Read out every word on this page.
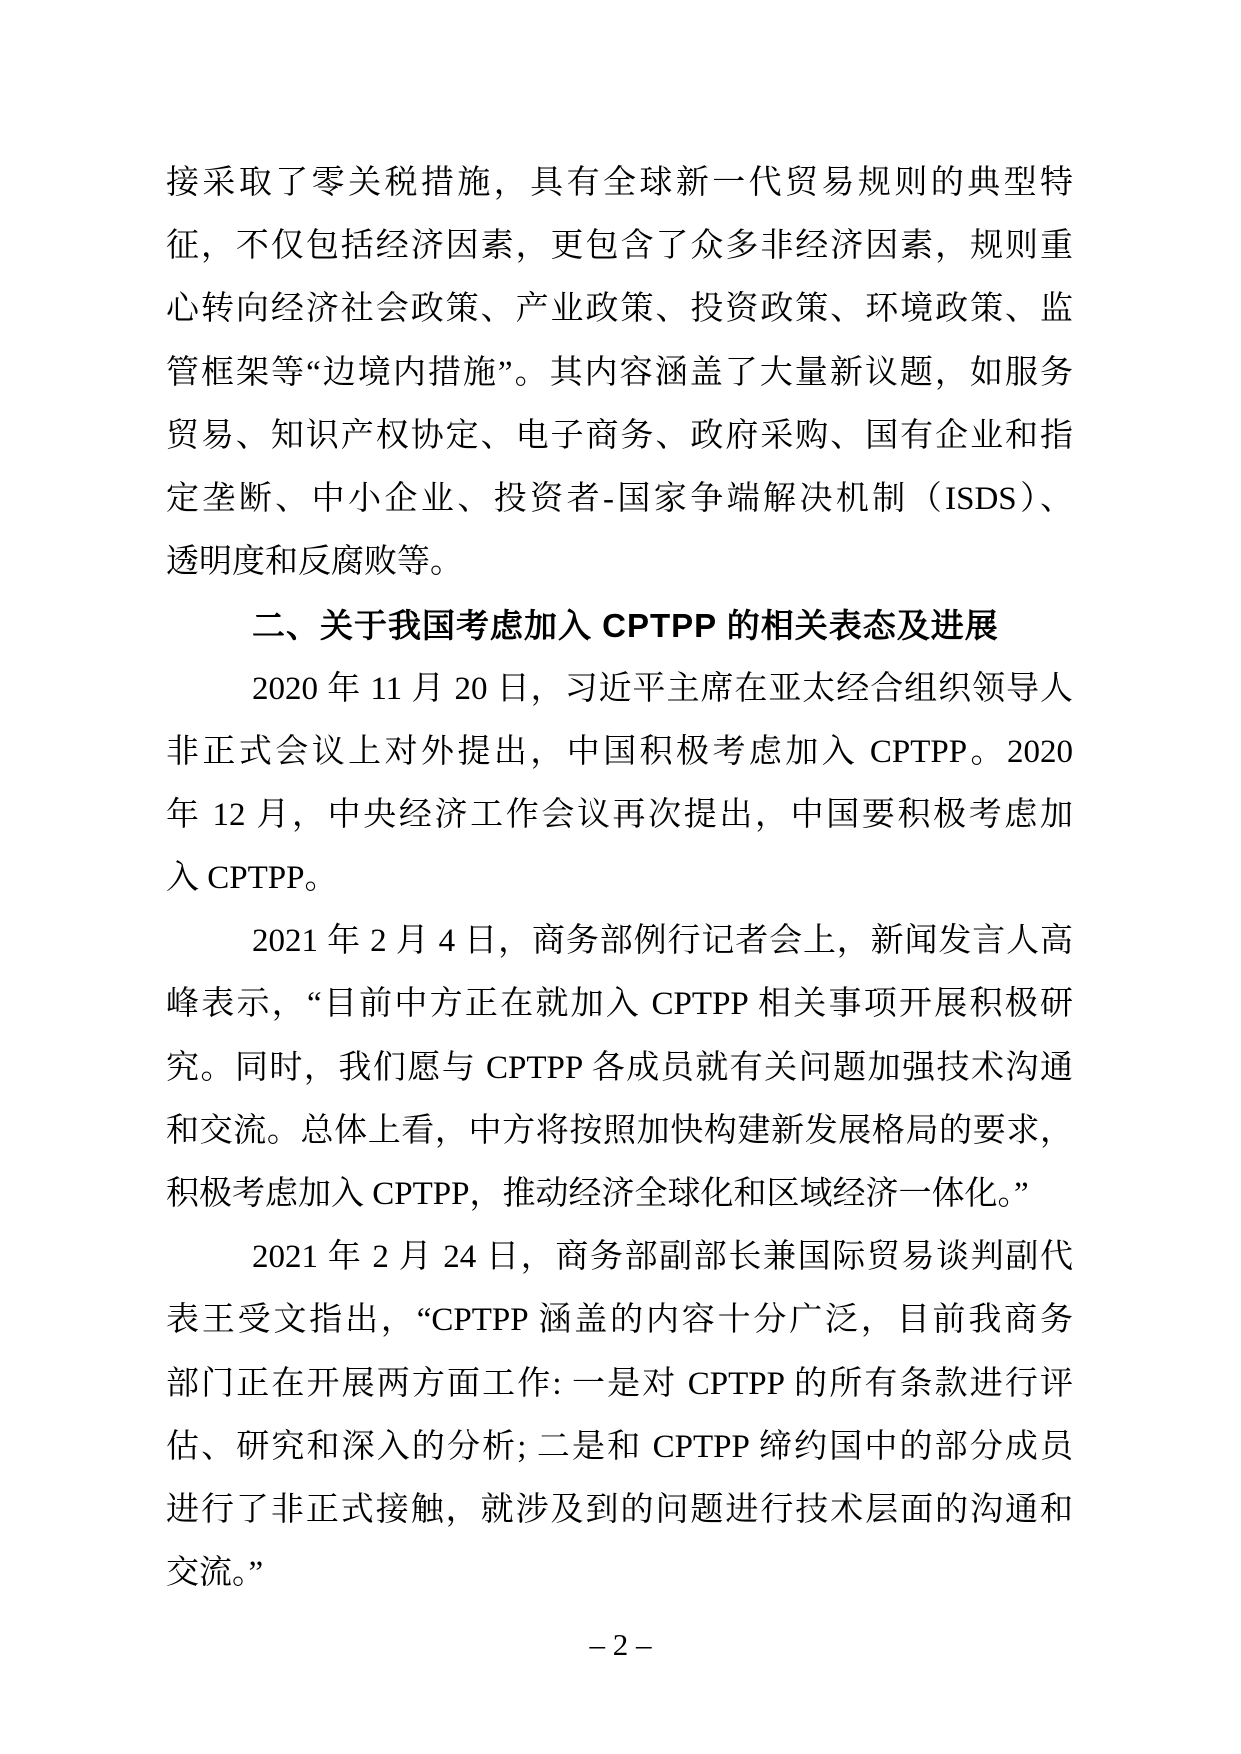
接采取了零关税措施，具有全球新一代贸易规则的典型特
征，不仅包括经济因素，更包含了众多非经济因素，规则重
心转向经济社会政策、产业政策、投资政策、环境政策、监
管框架等“边境内措施”。其内容涵盖了大量新议题，如服务
贸易、知识产权协定、电子商务、政府采购、国有企业和指
定垄断、中小企业、投资者-国家争端解决机制（ISDS）、
透明度和反腐败等。
二、关于我国考虑加入 CPTPP 的相关表态及进展
2020 年 11 月 20 日，习近平主席在亚太经合组织领导人
非正式会议上对外提出，中国积极考虑加入 CPTPP。2020
年 12 月，中央经济工作会议再次提出，中国要积极考虑加
入 CPTPP。
2021 年 2 月 4 日，商务部例行记者会上，新闻发言人高
峰表示，“目前中方正在就加入 CPTPP 相关事项开展积极研
究。同时，我们愿与 CPTPP 各成员就有关问题加强技术沟通
和交流。总体上看，中方将按照加快构建新发展格局的要求，
积极考虑加入 CPTPP，推动经济全球化和区域经济一体化。”
2021 年 2 月 24 日，商务部副部长兼国际贸易谈判副代
表王受文指出，“CPTPP 涵盖的内容十分广泛，目前我商务
部门正在开展两方面工作: 一是对 CPTPP 的所有条款进行评
估、研究和深入的分析; 二是和 CPTPP 缔约国中的部分成员
进行了非正式接触，就涉及到的问题进行技术层面的沟通和
交流。”
– 2 –
